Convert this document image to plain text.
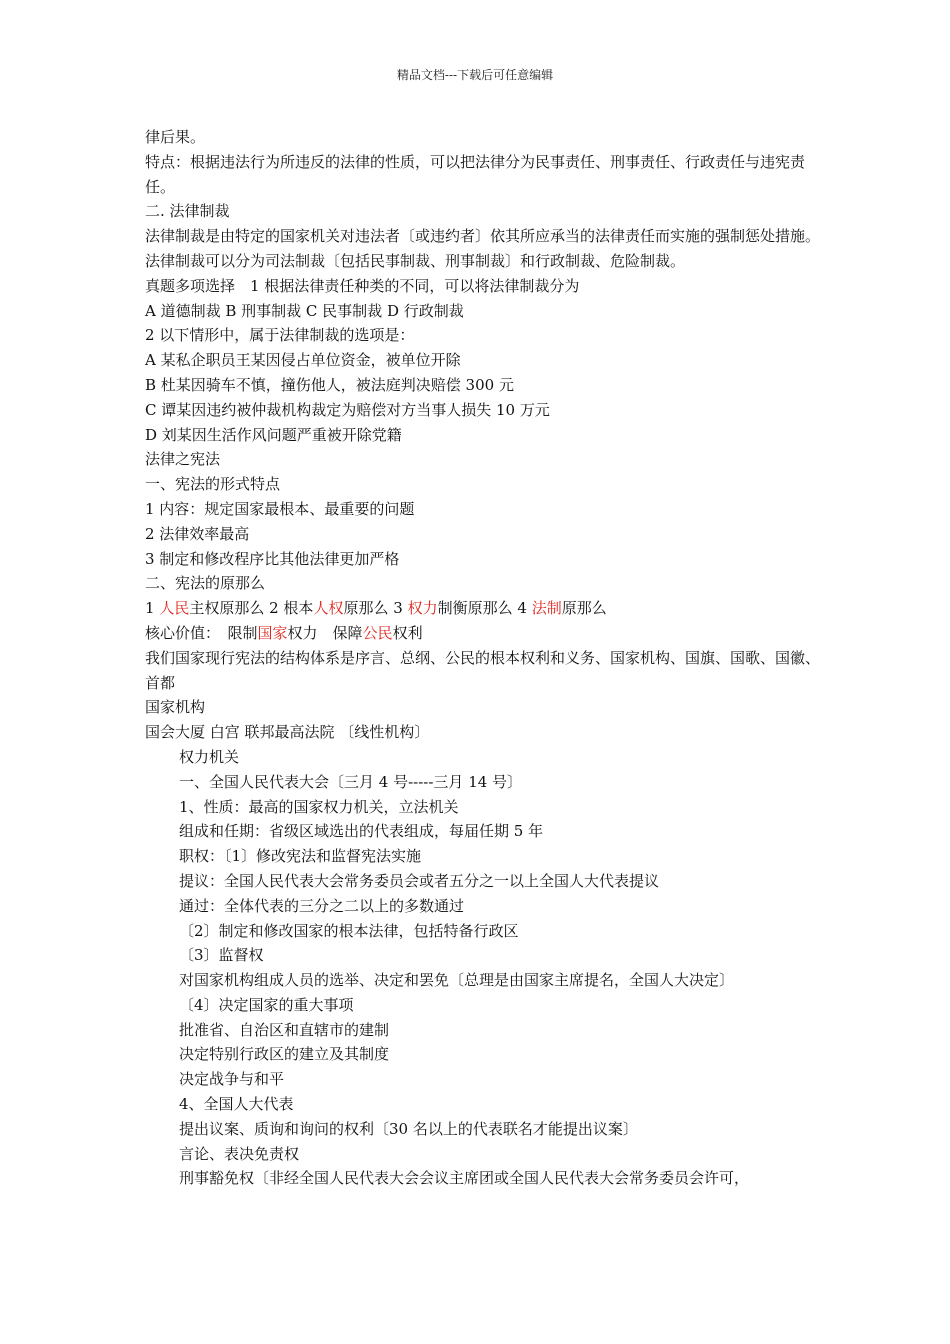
精品文档---下载后可任意编辑
律后果。
特点：根据违法行为所违反的法律的性质，可以把法律分为民事责任、刑事责任、行政责任与违宪责任。
二. 法律制裁
法律制裁是由特定的国家机关对违法者〔或违约者〕依其所应承当的法律责任而实施的强制惩处措施。
法律制裁可以分为司法制裁〔包括民事制裁、刑事制裁〕和行政制裁、危险制裁。
真题多项选择　1 根据法律责任种类的不同，可以将法律制裁分为
A 道德制裁 B 刑事制裁 C 民事制裁 D 行政制裁
2 以下情形中，属于法律制裁的选项是：
A 某私企职员王某因侵占单位资金，被单位开除
B 杜某因骑车不慎，撞伤他人，被法庭判决赔偿 300 元
C 谭某因违约被仲裁机构裁定为赔偿对方当事人损失 10 万元
D 刘某因生活作风问题严重被开除党籍
法律之宪法
一、宪法的形式特点
1 内容：规定国家最根本、最重要的问题
2 法律效率最高
3 制定和修改程序比其他法律更加严格
二、宪法的原那么
1 人民主权原那么 2 根本人权原那么 3 权力制衡原那么 4 法制原那么
核心价值：　限制国家权力　保障公民权利
我们国家现行宪法的结构体系是序言、总纲、公民的根本权利和义务、国家机构、国旗、国歌、国徽、首都
国家机构
国会大厦 白宫 联邦最高法院 〔线性机构〕
权力机关
一、全国人民代表大会〔三月 4 号-----三月 14 号〕
1、性质：最高的国家权力机关，立法机关
组成和任期：省级区域选出的代表组成，每届任期 5 年
职权：〔1〕修改宪法和监督宪法实施
提议：全国人民代表大会常务委员会或者五分之一以上全国人大代表提议
通过：全体代表的三分之二以上的多数通过
〔2〕制定和修改国家的根本法律，包括特备行政区
〔3〕监督权
对国家机构组成人员的选举、决定和罢免〔总理是由国家主席提名，全国人大决定〕
〔4〕决定国家的重大事项
批准省、自治区和直辖市的建制
决定特别行政区的建立及其制度
决定战争与和平
4、全国人大代表
提出议案、质询和询问的权利〔30 名以上的代表联名才能提出议案〕
言论、表决免责权
刑事豁免权〔非经全国人民代表大会会议主席团或全国人民代表大会常务委员会许可，
